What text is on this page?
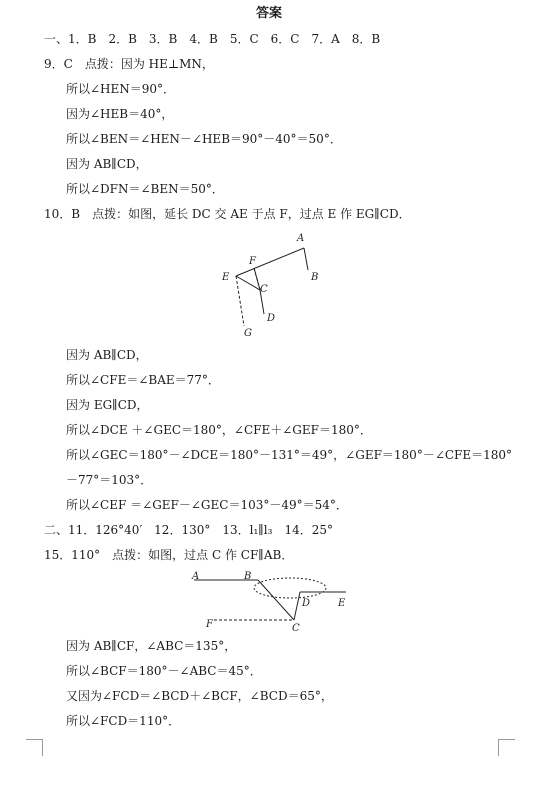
答案
一、1．B　2．B　3．B　4．B　5．C　6．C　7．A　8．B
9．C　点拨：因为 HE⊥MN，
所以∠HEN＝90°．
因为∠HEB＝40°，
所以∠BEN＝∠HEN－∠HEB＝90°－40°＝50°．
因为 AB∥CD，
所以∠DFN＝∠BEN＝50°．
10．B　点拨：如图，延长 DC 交 AE 于点 F，过点 E 作 EG∥CD．
A
B
E
F
C
D
G
因为 AB∥CD，
所以∠CFE＝∠BAE＝77°．
因为 EG∥CD，
所以∠DCE ＋∠GEC＝180°，∠CFE＋∠GEF＝180°．
所以∠GEC＝180°－∠DCE＝180°－131°＝49°，∠GEF＝180°－∠CFE＝180°
－77°＝103°．
所以∠CEF ＝∠GEF－∠GEC＝103°－49°＝54°．
二、11．126°40′　12．130°　13．l₁∥l₃　14．25°
15．110°　点拨：如图，过点 C 作 CF∥AB．
A	B
D	E
F	C
因为 AB∥CF，∠ABC＝135°，
所以∠BCF＝180°－∠ABC＝45°．
又因为∠FCD＝∠BCD＋∠BCF，∠BCD＝65°，
所以∠FCD＝110°．
